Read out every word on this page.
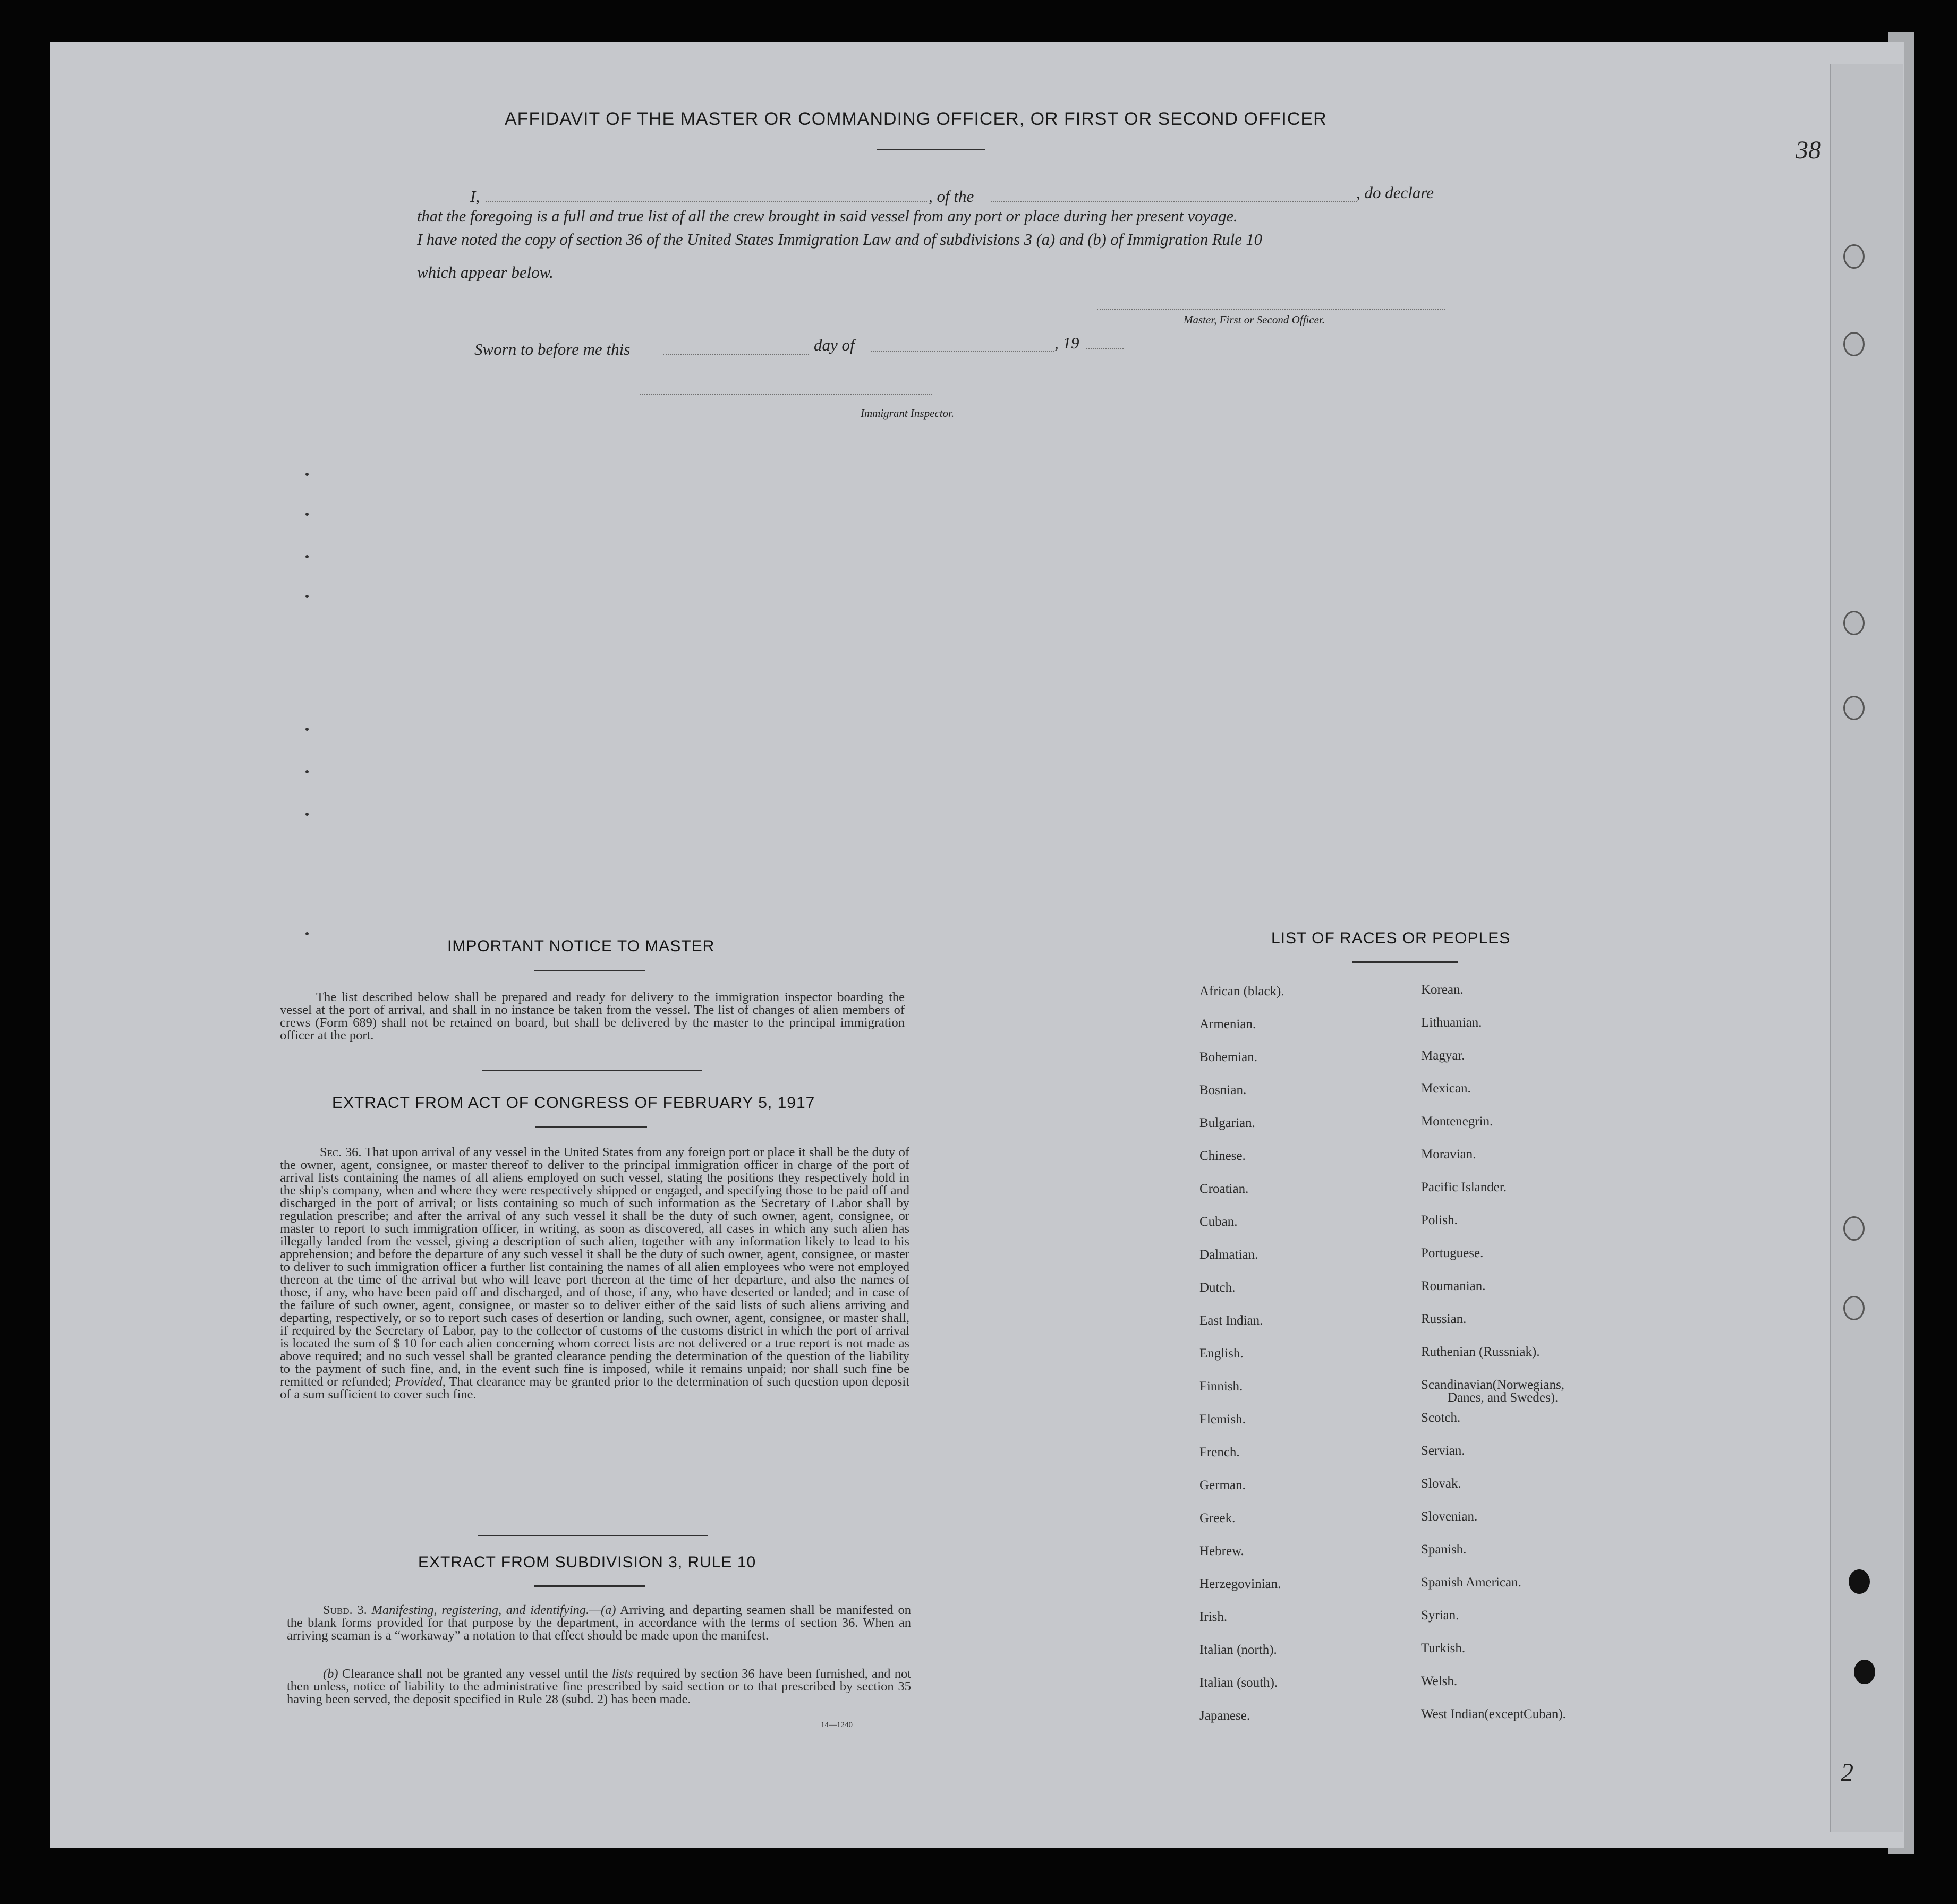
38
2
AFFIDAVIT OF THE MASTER OR COMMANDING OFFICER, OR FIRST OR SECOND OFFICER
I,	, of the	, do declare
that the foregoing is a full and true list of all the crew brought in said vessel from any port or place during her present voyage.
I have noted the copy of section 36 of the United States Immigration Law and of subdivisions 3 (a) and (b) of Immigration Rule 10
which appear below.
Master, First or Second Officer.
Sworn to before me this	day of	, 19
Immigrant Inspector.
IMPORTANT NOTICE TO MASTER
The list described below shall be prepared and ready for delivery to the immigration inspector boarding the vessel at the port of arrival, and shall in no instance be taken from the vessel. The list of changes of alien members of crews (Form 689) shall not be retained on board, but shall be delivered by the master to the principal immigration officer at the port.
EXTRACT FROM ACT OF CONGRESS OF FEBRUARY 5, 1917
Sec. 36. That upon arrival of any vessel in the United States from any foreign port or place it shall be the duty of the owner, agent, consignee, or master thereof to deliver to the principal immigration officer in charge of the port of arrival lists containing the names of all aliens employed on such vessel, stating the positions they respectively hold in the ship's company, when and where they were respectively shipped or engaged, and specifying those to be paid off and discharged in the port of arrival; or lists containing so much of such information as the Secretary of Labor shall by regulation prescribe; and after the arrival of any such vessel it shall be the duty of such owner, agent, consignee, or master to report to such immigration officer, in writing, as soon as discovered, all cases in which any such alien has illegally landed from the vessel, giving a description of such alien, together with any information likely to lead to his apprehension; and before the departure of any such vessel it shall be the duty of such owner, agent, consignee, or master to deliver to such immigration officer a further list containing the names of all alien employees who were not employed thereon at the time of the arrival but who will leave port thereon at the time of her departure, and also the names of those, if any, who have been paid off and discharged, and of those, if any, who have deserted or landed; and in case of the failure of such owner, agent, consignee, or master so to deliver either of the said lists of such aliens arriving and departing, respectively, or so to report such cases of desertion or landing, such owner, agent, consignee, or master shall, if required by the Secretary of Labor, pay to the collector of customs of the customs district in which the port of arrival is located the sum of $ 10 for each alien concerning whom correct lists are not delivered or a true report is not made as above required; and no such vessel shall be granted clearance pending the determination of the question of the liability to the payment of such fine, and, in the event such fine is imposed, while it remains unpaid; nor shall such fine be remitted or refunded; Provided, That clearance may be granted prior to the determination of such question upon deposit of a sum sufficient to cover such fine.
EXTRACT FROM SUBDIVISION 3, RULE 10
Subd. 3. Manifesting, registering, and identifying.—(a) Arriving and departing seamen shall be manifested on the blank forms provided for that purpose by the department, in accordance with the terms of section 36. When an arriving seaman is a “workaway” a notation to that effect should be made upon the manifest.
(b) Clearance shall not be granted any vessel until the lists required by section 36 have been furnished, and not then unless, notice of liability to the administrative fine prescribed by said section or to that prescribed by section 35 having been served, the deposit specified in Rule 28 (subd. 2) has been made.
14—1240
LIST OF RACES OR PEOPLES
African (black).
Armenian.
Bohemian.
Bosnian.
Bulgarian.
Chinese.
Croatian.
Cuban.
Dalmatian.
Dutch.
East Indian.
English.
Finnish.
Flemish.
French.
German.
Greek.
Hebrew.
Herzegovinian.
Irish.
Italian (north).
Italian (south).
Japanese.
Korean.
Lithuanian.
Magyar.
Mexican.
Montenegrin.
Moravian.
Pacific Islander.
Polish.
Portuguese.
Roumanian.
Russian.
Ruthenian (Russniak).
Scandinavian(Norwegians,
Danes, and Swedes).
Scotch.
Servian.
Slovak.
Slovenian.
Spanish.
Spanish American.
Syrian.
Turkish.
Welsh.
West Indian(exceptCuban).
